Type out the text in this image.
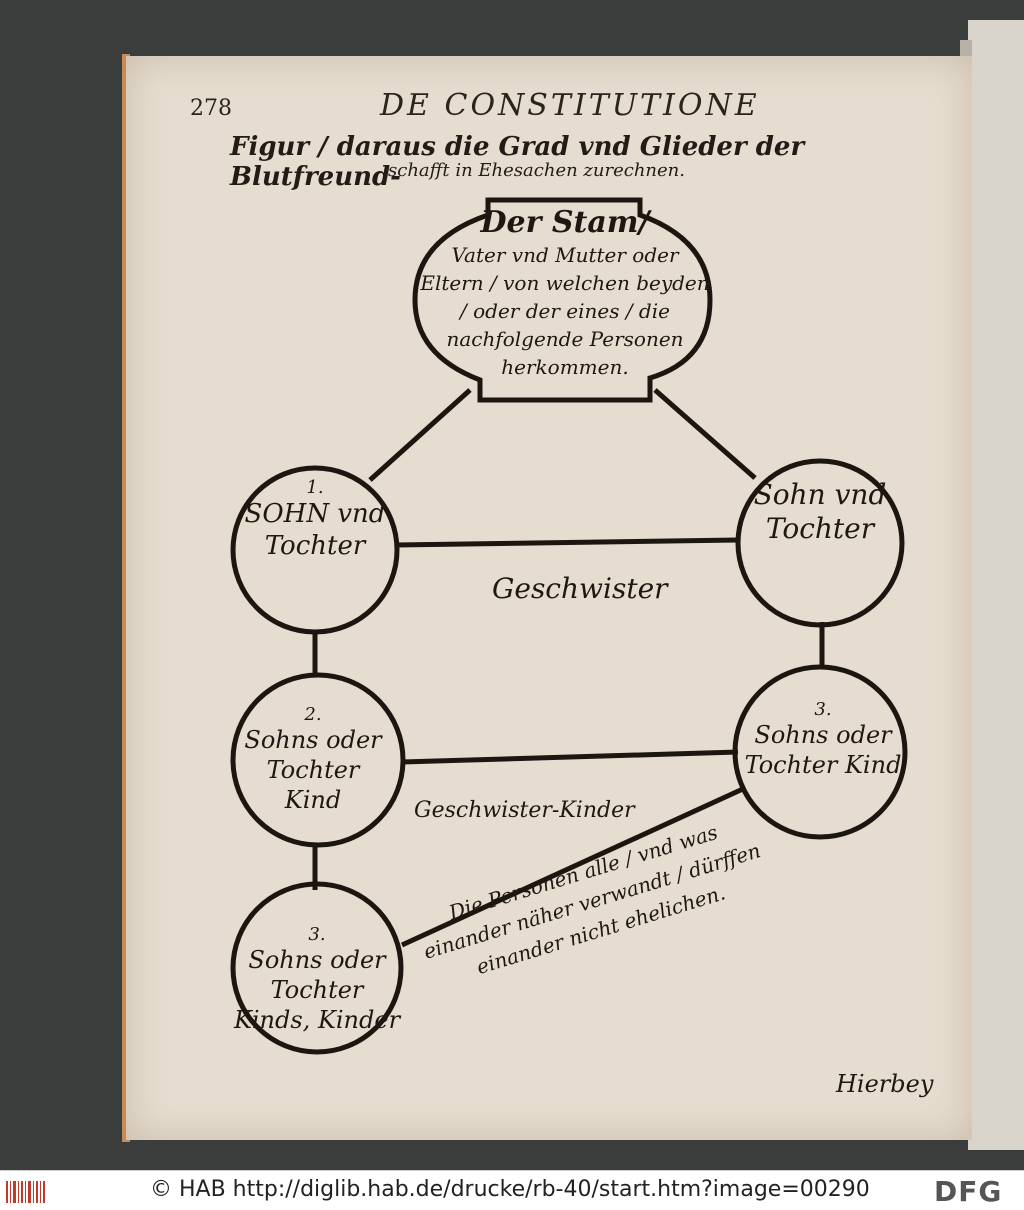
278	DE CONSTITUTIONE
Figur / daraus die Grad vnd Glieder der Blutfreund-
schafft in Ehesachen zurechnen.
Der Stam/
Vater vnd Mutter oder Eltern / von welchen beyden / oder der eines / die nachfolgende Personen herkommen.
1.
SOHN vnd Tochter
Sohn vnd Tochter
2.
Sohns oder Tochter Kind
3.
Sohns oder Tochter Kind
3.
Sohns oder Tochter Kinds, Kinder
Geschwister
Geschwister-Kinder
Die Personen alle / vnd was einander näher verwandt / dürffen einander nicht ehelichen.
Hierbey
© HAB http://diglib.hab.de/drucke/rb-40/start.htm?image=00290 DFG
